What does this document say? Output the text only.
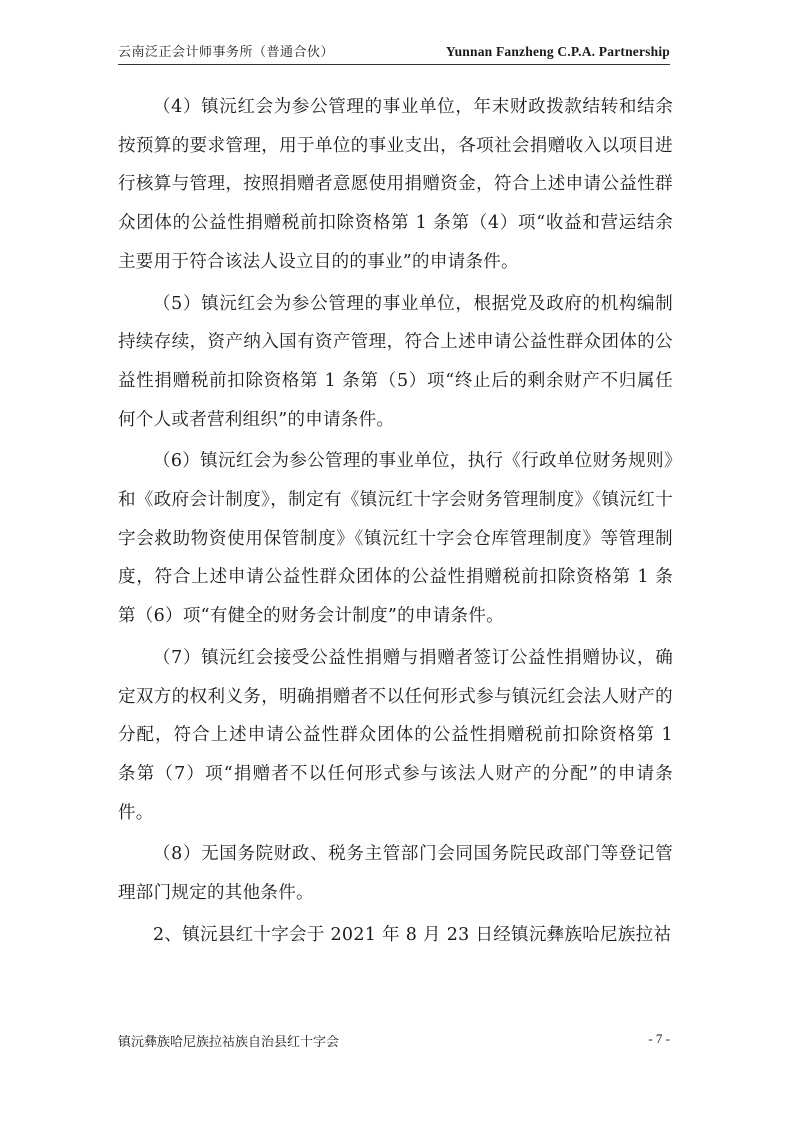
云南泛正会计师事务所（普通合伙）	Yunnan Fanzheng C.P.A. Partnership

（4）镇沅红会为参公管理的事业单位，年末财政拨款结转和结余按预算的要求管理，用于单位的事业支出，各项社会捐赠收入以项目进行核算与管理，按照捐赠者意愿使用捐赠资金，符合上述申请公益性群众团体的公益性捐赠税前扣除资格第 1 条第（4）项“收益和营运结余主要用于符合该法人设立目的的事业”的申请条件。

（5）镇沅红会为参公管理的事业单位，根据党及政府的机构编制持续存续，资产纳入国有资产管理，符合上述申请公益性群众团体的公益性捐赠税前扣除资格第 1 条第（5）项“终止后的剩余财产不归属任何个人或者营利组织”的申请条件。

（6）镇沅红会为参公管理的事业单位，执行《行政单位财务规则》和《政府会计制度》，制定有《镇沅红十字会财务管理制度》《镇沅红十字会救助物资使用保管制度》《镇沅红十字会仓库管理制度》等管理制度，符合上述申请公益性群众团体的公益性捐赠税前扣除资格第 1 条第（6）项“有健全的财务会计制度”的申请条件。

（7）镇沅红会接受公益性捐赠与捐赠者签订公益性捐赠协议，确定双方的权利义务，明确捐赠者不以任何形式参与镇沅红会法人财产的分配，符合上述申请公益性群众团体的公益性捐赠税前扣除资格第 1 条第（7）项“捐赠者不以任何形式参与该法人财产的分配”的申请条件。

（8）无国务院财政、税务主管部门会同国务院民政部门等登记管理部门规定的其他条件。

2、镇沅县红十字会于 2021 年 8 月 23 日经镇沅彝族哈尼族拉祜

镇沅彝族哈尼族拉祜族自治县红十字会	- 7 -
